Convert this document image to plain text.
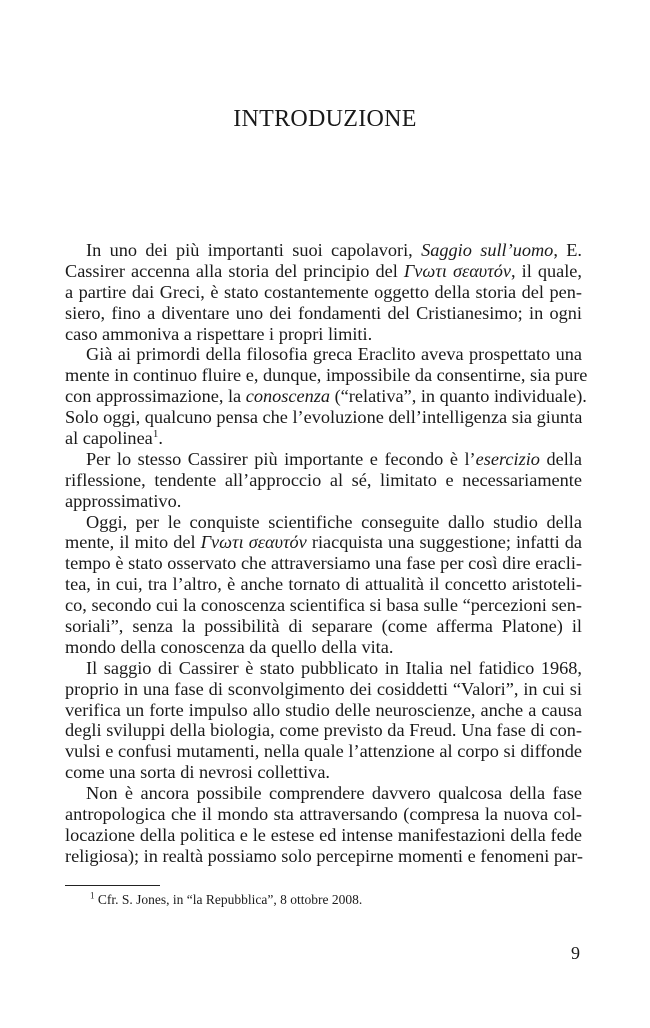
INTRODUZIONE
In uno dei più importanti suoi capolavori, Saggio sull’uomo, E.
Cassirer accenna alla storia del principio del Γνωτι σεαυτόν, il quale,
a partire dai Greci, è stato costantemente oggetto della storia del pen-
siero, fino a diventare uno dei fondamenti del Cristianesimo; in ogni
caso ammoniva a rispettare i propri limiti.
Già ai primordi della filosofia greca Eraclito aveva prospettato una
mente in continuo fluire e, dunque, impossibile da consentirne, sia pure
con approssimazione, la conoscenza (“relativa”, in quanto individuale).
Solo oggi, qualcuno pensa che l’evoluzione dell’intelligenza sia giunta
al capolinea$^1$.
Per lo stesso Cassirer più importante e fecondo è l’esercizio della
riflessione, tendente all’approccio al sé, limitato e necessariamente
approssimativo.
Oggi, per le conquiste scientifiche conseguite dallo studio della
mente, il mito del Γνωτι σεαυτόν riacquista una suggestione; infatti da
tempo è stato osservato che attraversiamo una fase per così dire eracli-
tea, in cui, tra l’altro, è anche tornato di attualità il concetto aristoteli-
co, secondo cui la conoscenza scientifica si basa sulle “percezioni sen-
soriali”, senza la possibilità di separare (come afferma Platone) il
mondo della conoscenza da quello della vita.
Il saggio di Cassirer è stato pubblicato in Italia nel fatidico 1968,
proprio in una fase di sconvolgimento dei cosiddetti “Valori”, in cui si
verifica un forte impulso allo studio delle neuroscienze, anche a causa
degli sviluppi della biologia, come previsto da Freud. Una fase di con-
vulsi e confusi mutamenti, nella quale l’attenzione al corpo si diffonde
come una sorta di nevrosi collettiva.
Non è ancora possibile comprendere davvero qualcosa della fase
antropologica che il mondo sta attraversando (compresa la nuova col-
locazione della politica e le estese ed intense manifestazioni della fede
religiosa); in realtà possiamo solo percepirne momenti e fenomeni par-
$^1$ Cfr. S. Jones, in “la Repubblica”, 8 ottobre 2008.
9
